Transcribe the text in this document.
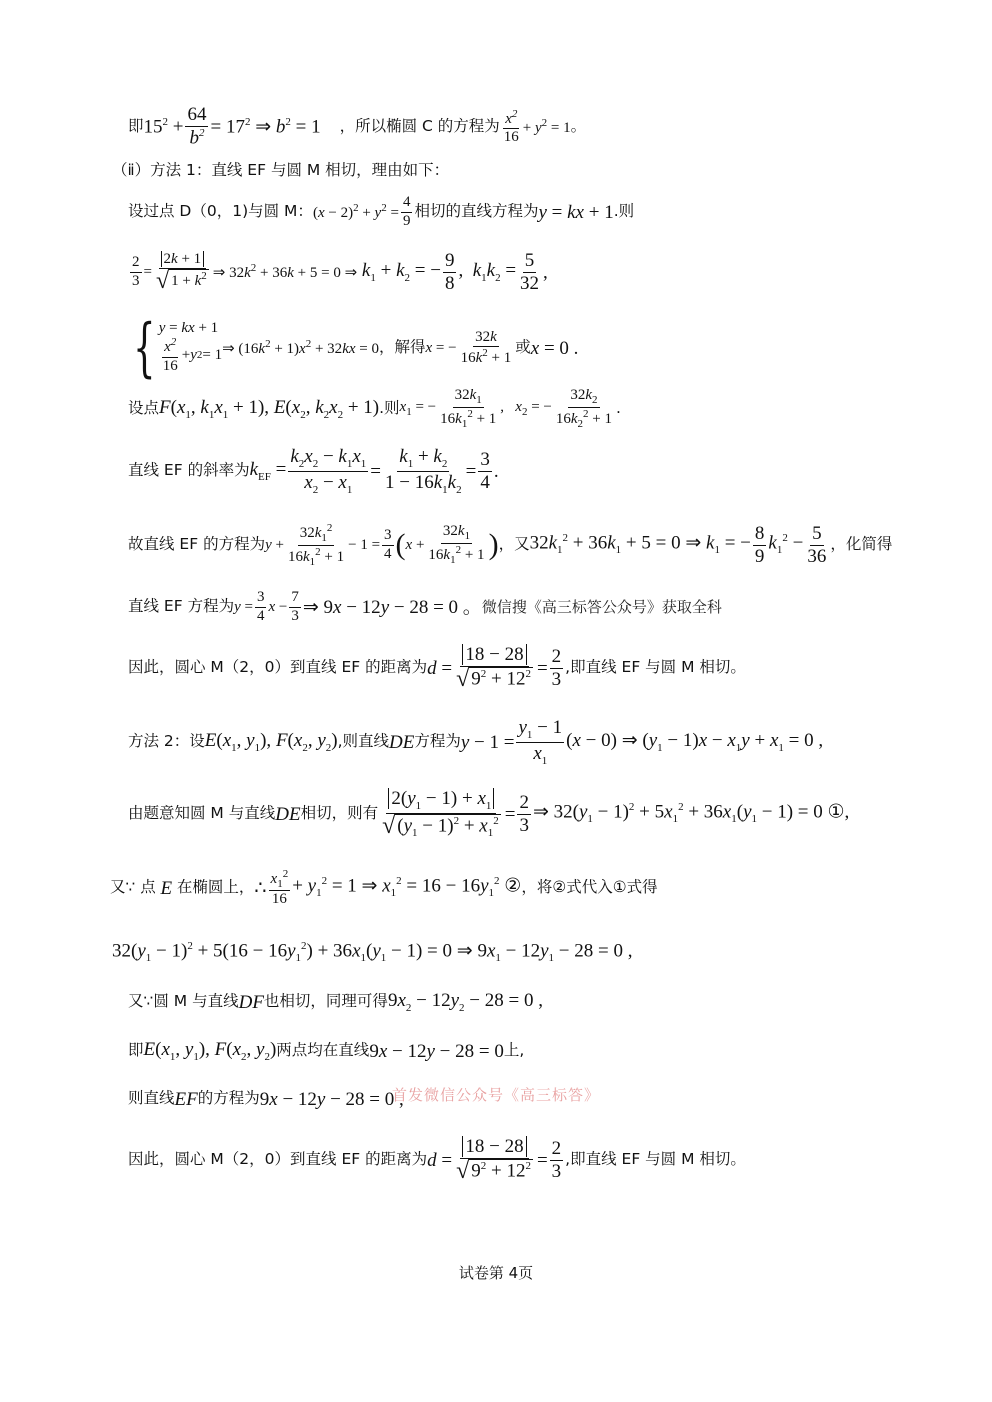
即 $15^2 + \frac{64}{b^2} = 17^2$ ⇒ $b^2 = 1$ ，所以椭圆 C 的方程为 $\frac{x^2}{16} + y^2 = 1$ 。
（ⅱ）方法 1：直线 EF 与圆 M 相切，理由如下：
设过点 D（0，1)与圆 M： $(x - 2)^2 + y^2 = \frac{4}{9}$ 相切的直线方程为 y = kx + 1 .则
$\frac{2}{3} = \frac{2k + 1}{√ 1 + k^2}$ ⇒ $32k^2 + 36k + 5 = 0$ ⇒ $k_1 + k_2$ = − $\frac{9}{8}$ ,  $k_1k_2 = \frac{5}{32}$ ,
{ y = kx + 1
$\frac{x^2}{16} + y$ 2 = 1 ⇒ $(16k^2 + 1)x^2 + 32kx = 0$ ，解得 x = − $\frac{32k}{16k^2 + 1}$ 或 x = 0 .
设点 $F(x_1$, $k_1x_1 + 1$), $E(x_2$, $k_2x_2 + 1$) .则 $x_1$ = − $\frac{32k_1}{16k_1^2 + 1}$ ,   $x_2$ = − $\frac{32k_2}{16k_2^2 + 1}$ .
直线 EF 的斜率为 $k_{EF} = \frac{k_2x_2 - k_1x_1}{x_2 - x_1} = \frac{k_1 + k_2}{1 - 16k_1k_2} = \frac{3}{4}$ .
故直线 EF 的方程为 $y + \frac{32k_1^2}{16k_1^2 + 1} - 1 = \frac{3}{4}$ ( $x + \frac{32k_1}{16k_1^2 + 1}$ ) ，又 $32k_1^2 + 36k_1 + 5 = 0$ ⇒ $k_1$ = − $\frac{8}{9} k_1^2 - \frac{5}{36}$ ，化简得
直线 EF 方程为 $y = \frac{3}{4}$ $x - \frac{7}{3}$ ⇒ 9x − 12y − 28 = 0 。 微信搜《高三标答公众号》获取全科
因此，圆心 M（2，0）到直线 EF 的距离为 $d = \frac{18 - 28}{√ 9^2 + 12^2} = \frac{2}{3}$ ,即直线 EF 与圆 M 相切。
方法 2：设 $E(x_1$, $y_1$), $F(x_2$, $y_2$) ,则直线 DE 方程为 $y - 1 = \frac{y_1 - 1}{x_1} (x - 0)$ ⇒ $(y_1 - 1)x - x_1y + x_1 = 0$ ,
由题意知圆 M 与直线 DE 相切，则有 $\frac{2(y_1 - 1) + x_1}{√ (y_1 - 1)^2 + x_1^2} = \frac{2}{3}$ ⇒ $32(y_1 - 1)^2 + 5x_1^2 + 36x_1(y_1 - 1) = 0$ ①,
又∵ 点 E 在椭圆上， ∴ $\frac{x_1^2}{16} + y_1^2 = 1$ ⇒ $x_1^2 = 16 - 16y_1^2$ ② ，将②式代入①式得
$32(y_1 - 1)^2 + 5(16 - 16y_1^2) + 36x_1(y_1 - 1) = 0$ ⇒ $9x_1 - 12y_1 - 28 = 0$ ,
又∵圆 M 与直线 DF 也相切，同理可得 $9x_2 - 12y_2 - 28 = 0$ ,
即 $E(x_1$, $y_1$), $F(x_2$, $y_2$) 两点均在直线 9x − 12y − 28 = 0 上,
则直线 EF 的方程为 9x − 12y − 28 = 0 ,
首发微信公众号《高三标答》
因此，圆心 M（2，0）到直线 EF 的距离为 $d = \frac{18 - 28}{√ 9^2 + 12^2} = \frac{2}{3}$ ,即直线 EF 与圆 M 相切。
试卷第 4页
